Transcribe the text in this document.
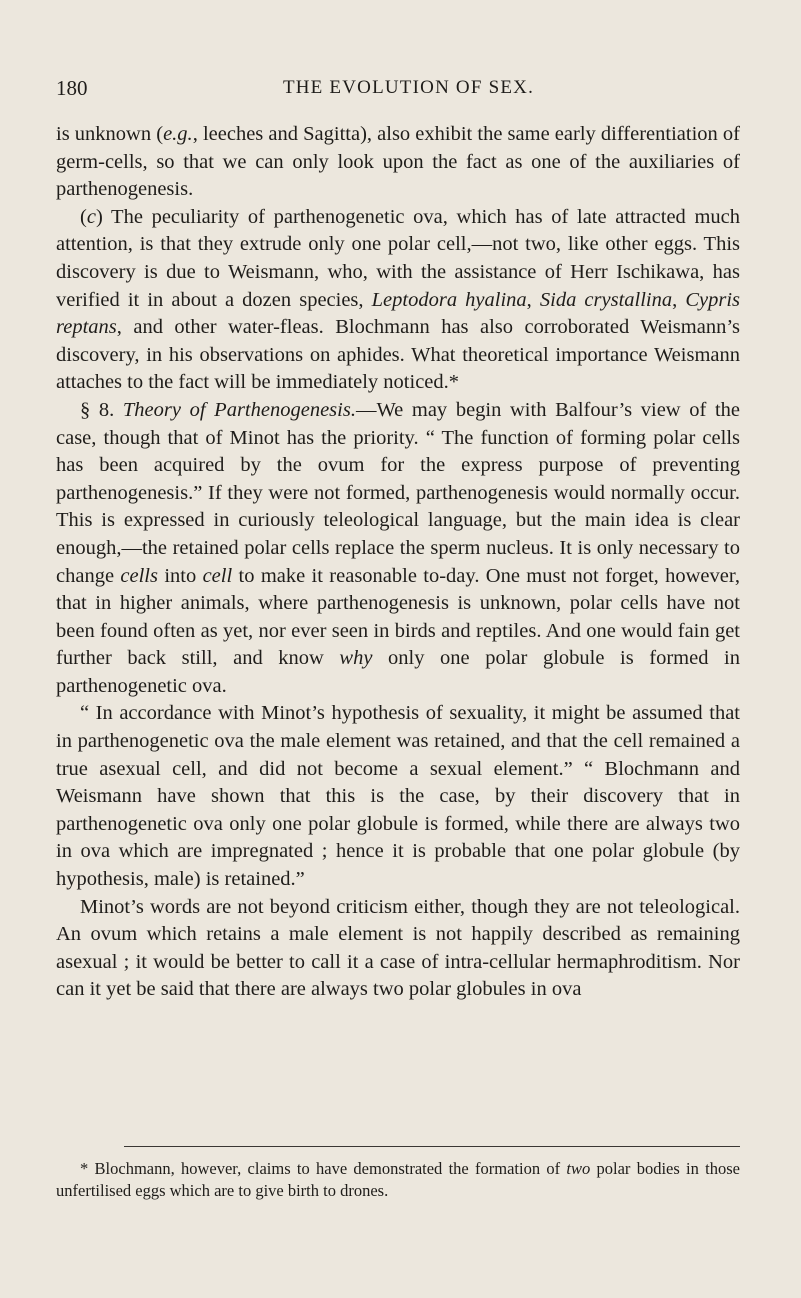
180	THE EVOLUTION OF SEX.

is unknown (e.g., leeches and Sagitta), also exhibit the same early differentiation of germ-cells, so that we can only look upon the fact as one of the auxiliaries of parthenogenesis.

(c) The peculiarity of parthenogenetic ova, which has of late attracted much attention, is that they extrude only one polar cell,—not two, like other eggs. This discovery is due to Weismann, who, with the assistance of Herr Ischikawa, has verified it in about a dozen species, Leptodora hyalina, Sida crystallina, Cypris reptans, and other water-fleas. Blochmann has also corroborated Weismann’s discovery, in his observations on aphides. What theoretical importance Weismann attaches to the fact will be immediately noticed.*

§ 8. Theory of Parthenogenesis.—We may begin with Balfour’s view of the case, though that of Minot has the priority. “ The function of forming polar cells has been acquired by the ovum for the express purpose of preventing parthenogenesis.” If they were not formed, parthenogenesis would normally occur. This is expressed in curiously teleological language, but the main idea is clear enough,—the retained polar cells replace the sperm nucleus. It is only necessary to change cells into cell to make it reasonable to-day. One must not forget, however, that in higher animals, where parthenogenesis is unknown, polar cells have not been found often as yet, nor ever seen in birds and reptiles. And one would fain get further back still, and know why only one polar globule is formed in parthenogenetic ova.

“ In accordance with Minot’s hypothesis of sexuality, it might be assumed that in parthenogenetic ova the male element was retained, and that the cell remained a true asexual cell, and did not become a sexual element.” “ Blochmann and Weismann have shown that this is the case, by their discovery that in parthenogenetic ova only one polar globule is formed, while there are always two in ova which are impregnated ; hence it is probable that one polar globule (by hypothesis, male) is retained.”

Minot’s words are not beyond criticism either, though they are not teleological. An ovum which retains a male element is not happily described as remaining asexual ; it would be better to call it a case of intra-cellular hermaphroditism. Nor can it yet be said that there are always two polar globules in ova

* Blochmann, however, claims to have demonstrated the formation of two polar bodies in those unfertilised eggs which are to give birth to drones.
